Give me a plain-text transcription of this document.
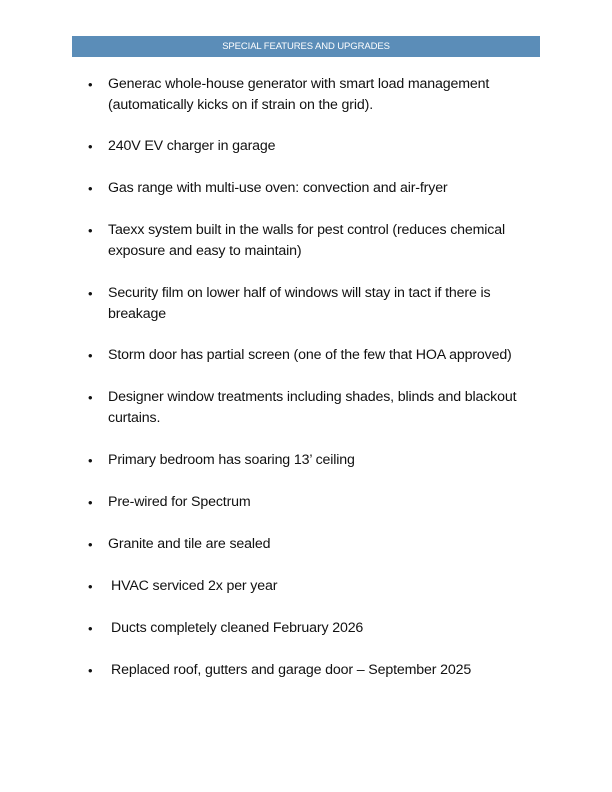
SPECIAL FEATURES AND UPGRADES
•	Generac whole-house generator with smart load management (automatically kicks on if strain on the grid).
•	240V EV charger in garage
•	Gas range with multi-use oven: convection and air-fryer
•	Taexx system built in the walls for pest control (reduces chemical exposure and easy to maintain)
•	Security film on lower half of windows will stay in tact if there is breakage
•	Storm door has partial screen (one of the few that HOA approved)
•	Designer window treatments including shades, blinds and blackout curtains.
•	Primary bedroom has soaring 13’ ceiling
•	Pre-wired for Spectrum
•	Granite and tile are sealed
•	HVAC serviced 2x per year
•	Ducts completely cleaned February 2026
•	Replaced roof, gutters and garage door – September 2025
